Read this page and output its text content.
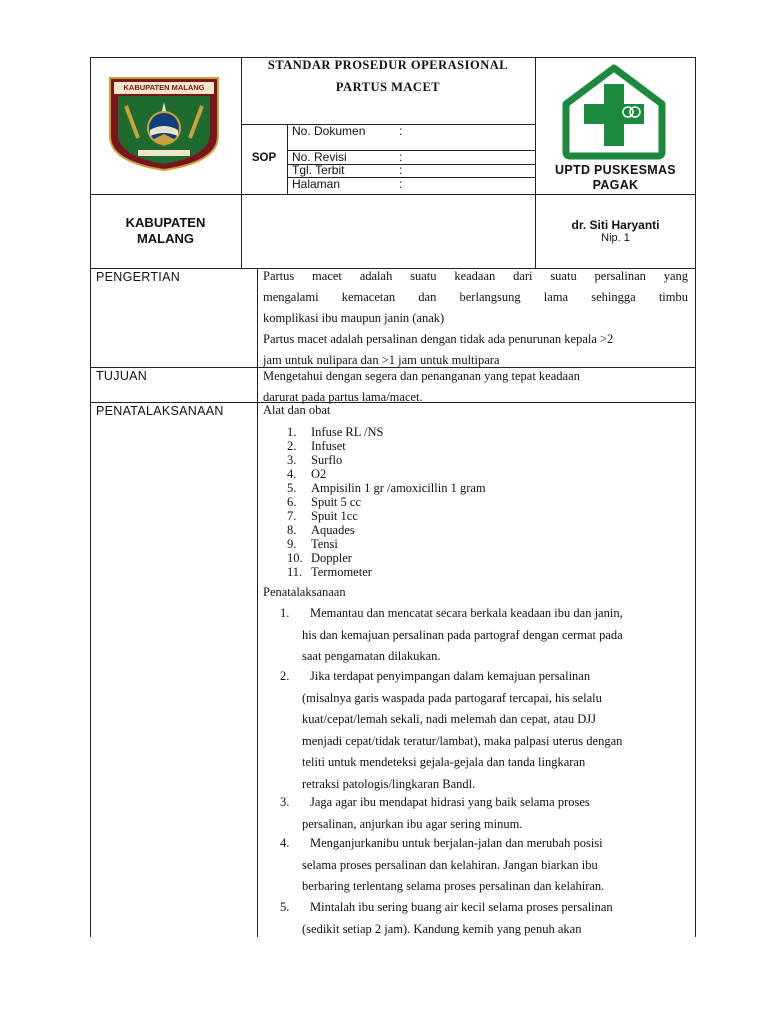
KABUPATEN MALANG
STANDAR PROSEDUR OPERASIONAL
PARTUS MACET
SOP
No. Dokumen	:
No. Revisi	:
Tgl. Terbit	:
Halaman	:
UPTD PUSKESMAS
PAGAK
KABUPATEN
MALANG
dr. Siti Haryanti
Nip. 1
PENGERTIAN	Partus macet adalah suatu keadaan dari suatu persalinan yang
mengalami kemacetan dan berlangsung lama sehingga timbu
komplikasi ibu maupun janin (anak)
Partus macet adalah persalinan dengan tidak ada penurunan kepala >2
jam untuk nulipara dan >1 jam untuk multipara
TUJUAN	Mengetahui dengan segera dan penanganan yang tepat keadaan
darurat pada partus lama/macet.
PENATALAKSANAAN	Alat dan obat
1.	Infuse RL /NS
2.	Infuset
3.	Surflo
4.	O2
5.	Ampisilin 1 gr /amoxicillin 1 gram
6.	Spuit 5 cc
7.	Spuit 1cc
8.	Aquades
9.	Tensi
10. Doppler
11. Termometer
Penatalaksanaan
1.	Memantau dan mencatat secara berkala keadaan ibu dan janin,
his dan kemajuan persalinan pada partograf dengan cermat pada
saat pengamatan dilakukan.
2.	Jika terdapat penyimpangan dalam kemajuan persalinan
(misalnya garis waspada pada partogaraf tercapai, his selalu
kuat/cepat/lemah sekali, nadi melemah dan cepat, atau DJJ
menjadi cepat/tidak teratur/lambat), maka palpasi uterus dengan
teliti untuk mendeteksi gejala-gejala dan tanda lingkaran
retraksi patologis/lingkaran Bandl.
3.	Jaga agar ibu mendapat hidrasi yang baik selama proses
persalinan, anjurkan ibu agar sering minum.
4.	Menganjurkanibu untuk berjalan-jalan dan merubah posisi
selama proses persalinan dan kelahiran. Jangan biarkan ibu
berbaring terlentang selama proses persalinan dan kelahiran.
5.	Mintalah ibu sering buang air kecil selama proses persalinan
(sedikit setiap 2 jam). Kandung kemih yang penuh akan
